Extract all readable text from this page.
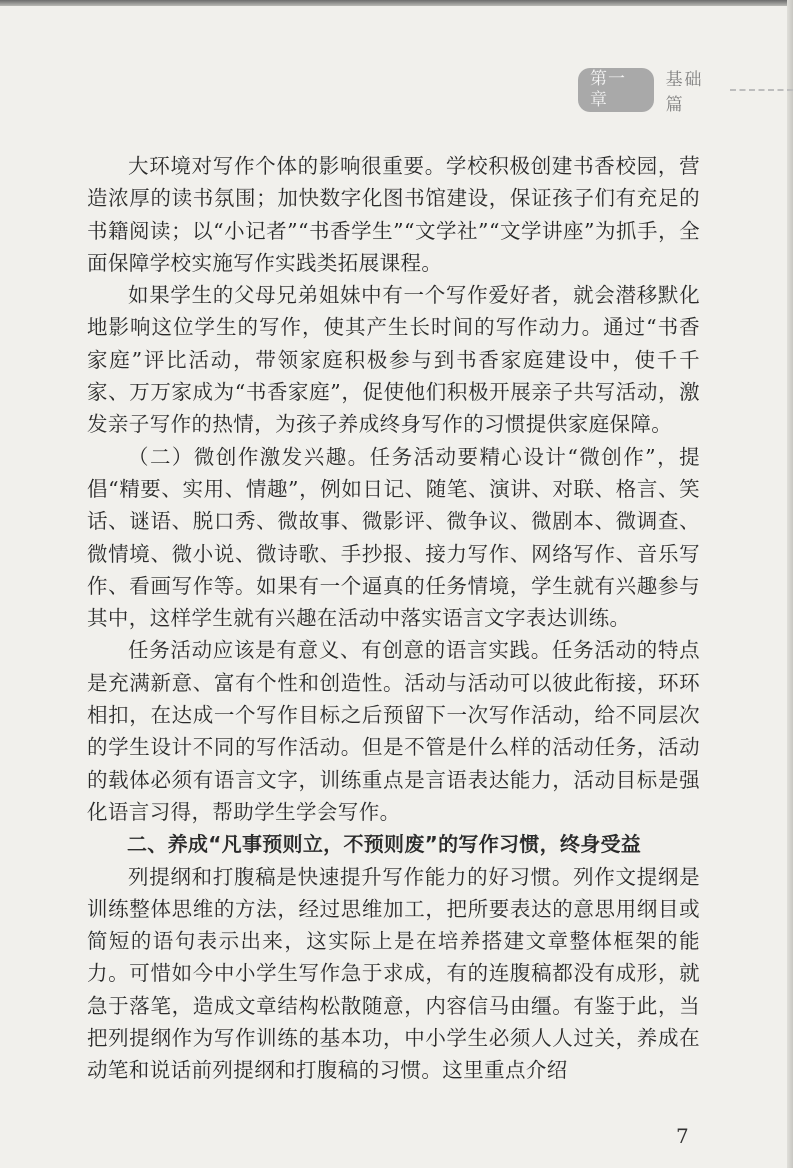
第一章
基础篇

大环境对写作个体的影响很重要。学校积极创建书香校园，营造浓厚的读书氛围；加快数字化图书馆建设，保证孩子们有充足的书籍阅读；以“小记者”“书香学生”“文学社”“文学讲座”为抓手，全面保障学校实施写作实践类拓展课程。

如果学生的父母兄弟姐妹中有一个写作爱好者，就会潜移默化地影响这位学生的写作，使其产生长时间的写作动力。通过“书香家庭”评比活动，带领家庭积极参与到书香家庭建设中，使千千家、万万家成为“书香家庭”，促使他们积极开展亲子共写活动，激发亲子写作的热情，为孩子养成终身写作的习惯提供家庭保障。

（二）微创作激发兴趣。任务活动要精心设计“微创作”，提倡“精要、实用、情趣”，例如日记、随笔、演讲、对联、格言、笑话、谜语、脱口秀、微故事、微影评、微争议、微剧本、微调查、微情境、微小说、微诗歌、手抄报、接力写作、网络写作、音乐写作、看画写作等。如果有一个逼真的任务情境，学生就有兴趣参与其中，这样学生就有兴趣在活动中落实语言文字表达训练。

任务活动应该是有意义、有创意的语言实践。任务活动的特点是充满新意、富有个性和创造性。活动与活动可以彼此衔接，环环相扣，在达成一个写作目标之后预留下一次写作活动，给不同层次的学生设计不同的写作活动。但是不管是什么样的活动任务，活动的载体必须有语言文字，训练重点是言语表达能力，活动目标是强化语言习得，帮助学生学会写作。

二、养成“凡事预则立，不预则废”的写作习惯，终身受益

列提纲和打腹稿是快速提升写作能力的好习惯。列作文提纲是训练整体思维的方法，经过思维加工，把所要表达的意思用纲目或简短的语句表示出来，这实际上是在培养搭建文章整体框架的能力。可惜如今中小学生写作急于求成，有的连腹稿都没有成形，就急于落笔，造成文章结构松散随意，内容信马由缰。有鉴于此，当把列提纲作为写作训练的基本功，中小学生必须人人过关，养成在动笔和说话前列提纲和打腹稿的习惯。这里重点介绍

7
